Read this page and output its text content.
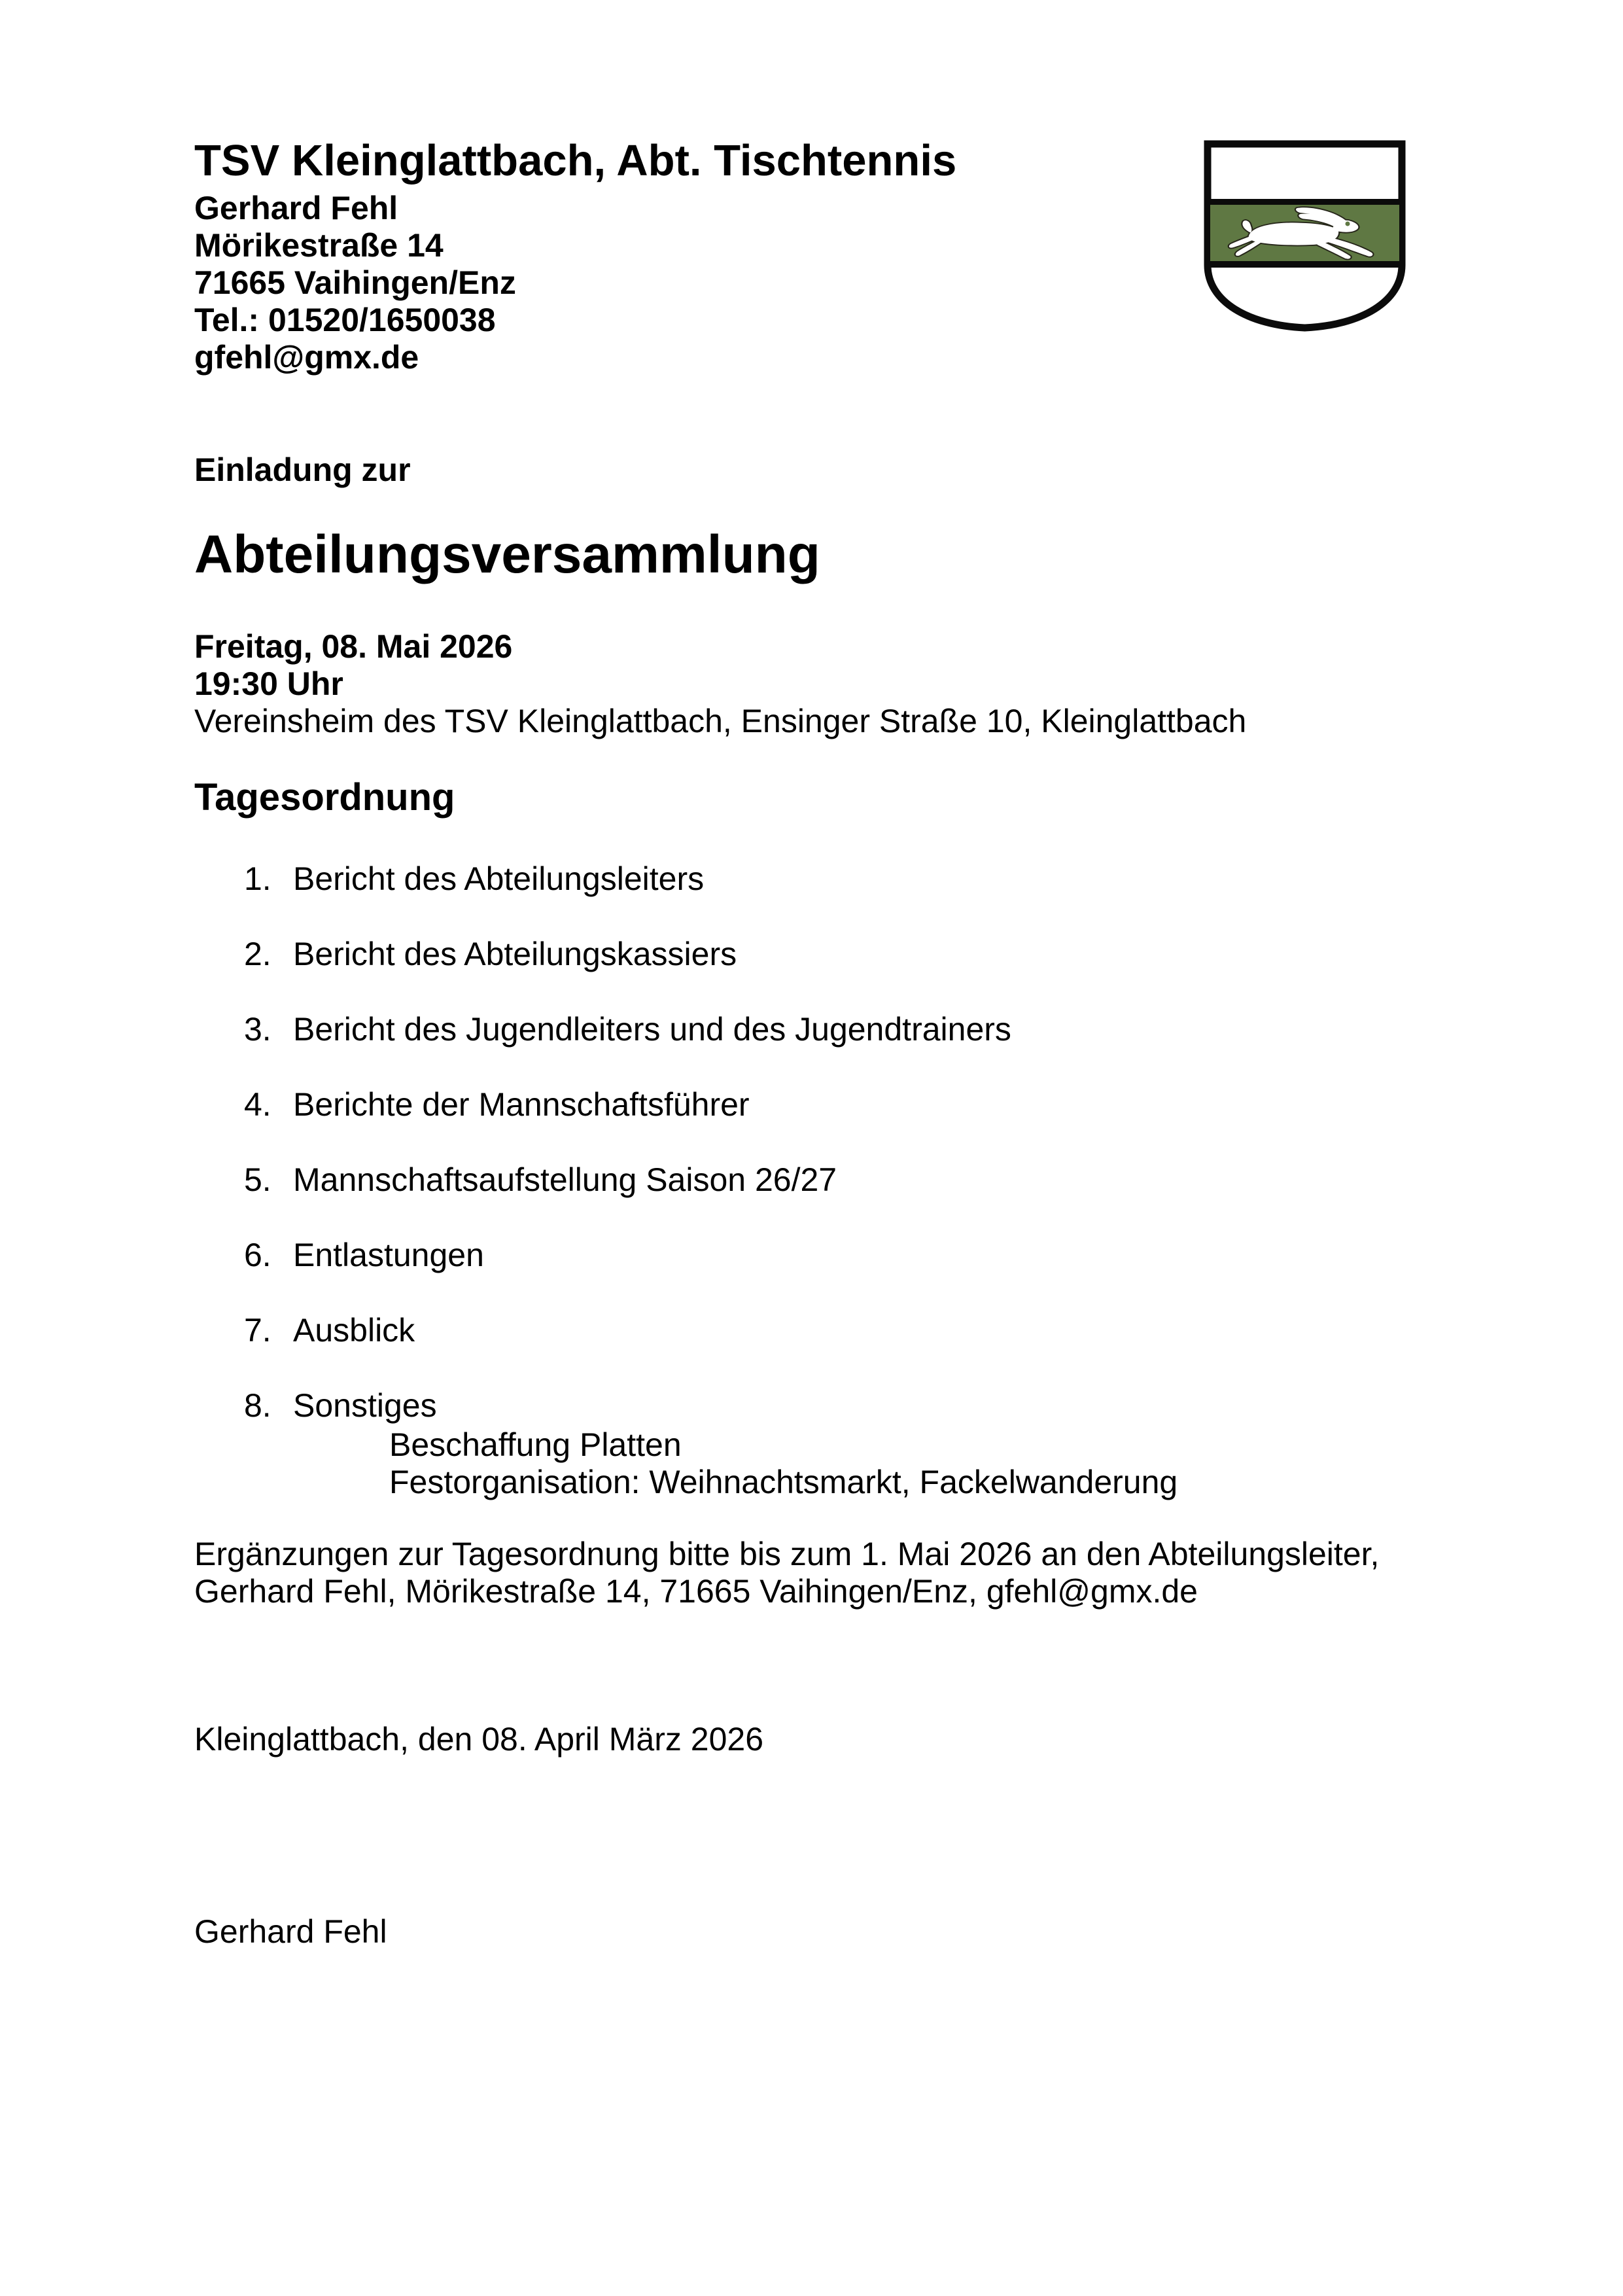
TSV Kleinglattbach, Abt. Tischtennis
Gerhard Fehl
Mörikestraße 14
71665 Vaihingen/Enz
Tel.: 01520/1650038
gfehl@gmx.de
Einladung zur
Abteilungsversammlung
Freitag, 08. Mai 2026
19:30 Uhr
Vereinsheim des TSV Kleinglattbach, Ensinger Straße 10, Kleinglattbach
Tagesordnung
1. Bericht des Abteilungsleiters
2. Bericht des Abteilungskassiers
3. Bericht des Jugendleiters und des Jugendtrainers
4. Berichte der Mannschaftsführer
5. Mannschaftsaufstellung Saison 26/27
6. Entlastungen
7. Ausblick
8. Sonstiges
Beschaffung Platten
Festorganisation: Weihnachtsmarkt, Fackelwanderung
Ergänzungen zur Tagesordnung bitte bis zum 1. Mai 2026 an den Abteilungsleiter,
Gerhard Fehl, Mörikestraße 14, 71665 Vaihingen/Enz, gfehl@gmx.de
Kleinglattbach, den 08. April März 2026
Gerhard Fehl
